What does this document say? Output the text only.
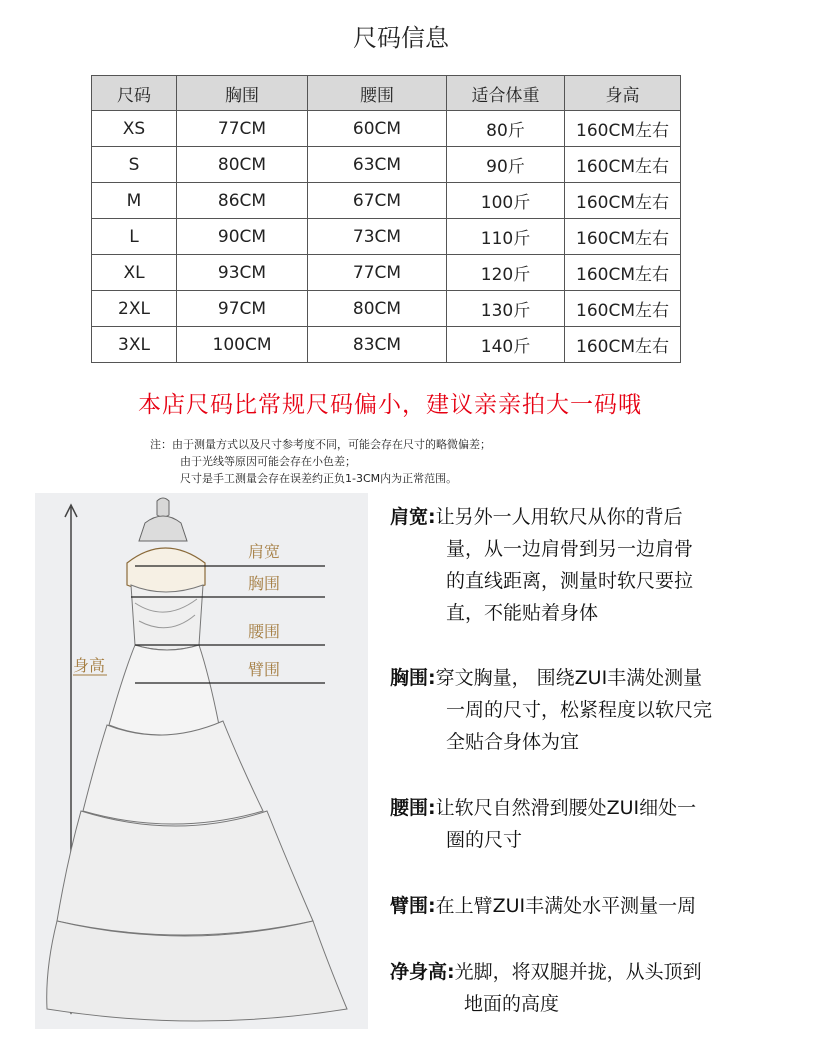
尺码信息
尺码	胸围	腰围	适合体重	身高
XS	77CM	60CM	80斤	160CM左右
S	80CM	63CM	90斤	160CM左右
M	86CM	67CM	100斤	160CM左右
L	90CM	73CM	110斤	160CM左右
XL	93CM	77CM	120斤	160CM左右
2XL	97CM	80CM	130斤	160CM左右
3XL	100CM	83CM	140斤	160CM左右
本店尺码比常规尺码偏小，建议亲亲拍大一码哦
注：由于测量方式以及尺寸参考度不同，可能会存在尺寸的略微偏差；
由于光线等原因可能会存在小色差；
尺寸是手工测量会存在误差约正负1-3CM内为正常范围。
肩宽
胸围
腰围
臂围
身高
肩宽:让另外一人用软尺从你的背后
量，从一边肩骨到另一边肩骨
的直线距离，测量时软尺要拉
直，不能贴着身体
胸围:穿文胸量， 围绕ZUI丰满处测量
一周的尺寸，松紧程度以软尺完
全贴合身体为宜
腰围:让软尺自然滑到腰处ZUI细处一
圈的尺寸
臂围:在上臂ZUI丰满处水平测量一周
净身高:光脚，将双腿并拢，从头顶到
地面的高度
